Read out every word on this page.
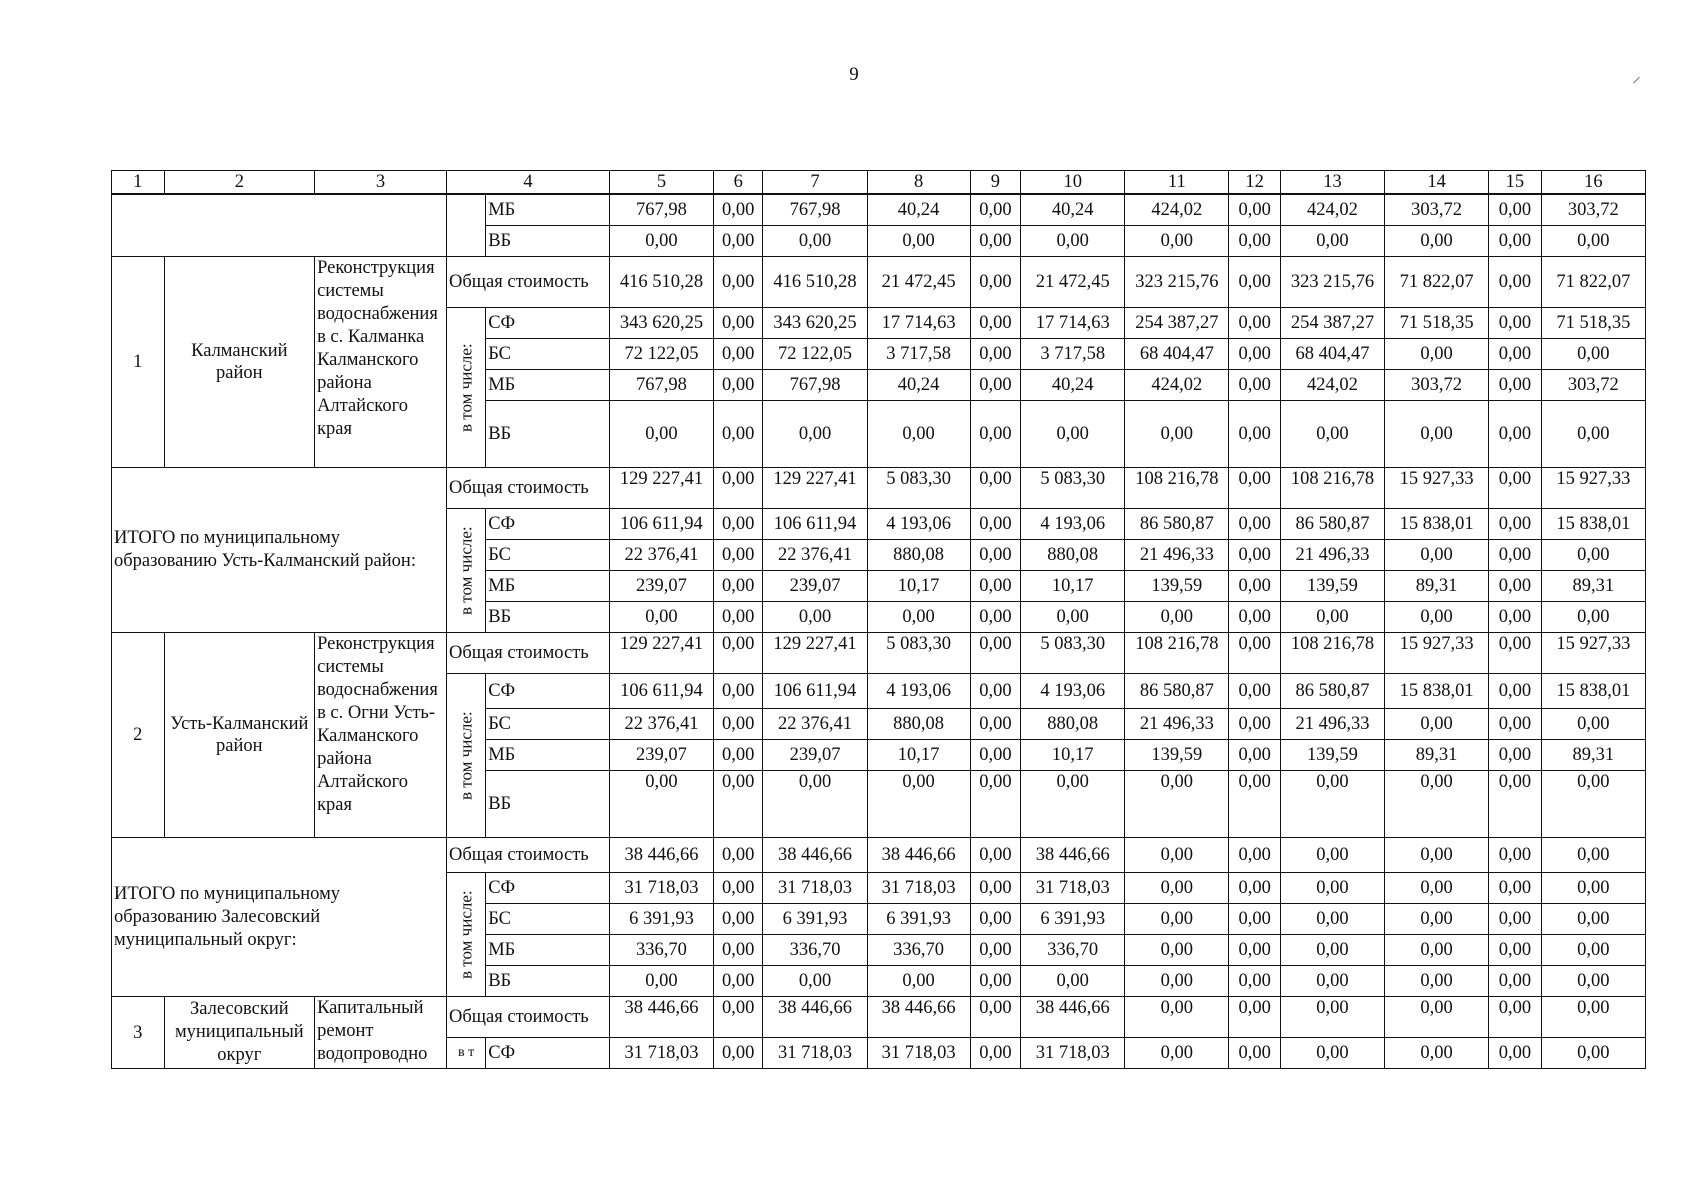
9	⸝
1	2	3	4		5	6	7	8	9	10	11	12	13	14	15	16
				МБ	767,98	0,00	767,98	40,24	0,00	40,24	424,02	0,00	424,02	303,72	0,00	303,72
				ВБ	0,00	0,00	0,00	0,00	0,00	0,00	0,00	0,00	0,00	0,00	0,00	0,00
1	Калманский район	Реконструкция системы водоснабжения в с. Калманка Калманского района Алтайского края	Общая стоимость		416 510,28	0,00	416 510,28	21 472,45	0,00	21 472,45	323 215,76	0,00	323 215,76	71 822,07	0,00	71 822,07
			в том числе:	СФ	343 620,25	0,00	343 620,25	17 714,63	0,00	17 714,63	254 387,27	0,00	254 387,27	71 518,35	0,00	71 518,35
				БС	72 122,05	0,00	72 122,05	3 717,58	0,00	3 717,58	68 404,47	0,00	68 404,47	0,00	0,00	0,00
				МБ	767,98	0,00	767,98	40,24	0,00	40,24	424,02	0,00	424,02	303,72	0,00	303,72
				ВБ	0,00	0,00	0,00	0,00	0,00	0,00	0,00	0,00	0,00	0,00	0,00	0,00
ИТОГО по муниципальному образованию Усть-Калманский район:			Общая стоимость		129 227,41	0,00	129 227,41	5 083,30	0,00	5 083,30	108 216,78	0,00	108 216,78	15 927,33	0,00	15 927,33
			в том числе:	СФ	106 611,94	0,00	106 611,94	4 193,06	0,00	4 193,06	86 580,87	0,00	86 580,87	15 838,01	0,00	15 838,01
				БС	22 376,41	0,00	22 376,41	880,08	0,00	880,08	21 496,33	0,00	21 496,33	0,00	0,00	0,00
				МБ	239,07	0,00	239,07	10,17	0,00	10,17	139,59	0,00	139,59	89,31	0,00	89,31
				ВБ	0,00	0,00	0,00	0,00	0,00	0,00	0,00	0,00	0,00	0,00	0,00	0,00
2	Усть-Калманский район	Реконструкция системы водоснабжения в с. Огни Усть-Калманского района Алтайского края	Общая стоимость		129 227,41	0,00	129 227,41	5 083,30	0,00	5 083,30	108 216,78	0,00	108 216,78	15 927,33	0,00	15 927,33
			в том числе:	СФ	106 611,94	0,00	106 611,94	4 193,06	0,00	4 193,06	86 580,87	0,00	86 580,87	15 838,01	0,00	15 838,01
				БС	22 376,41	0,00	22 376,41	880,08	0,00	880,08	21 496,33	0,00	21 496,33	0,00	0,00	0,00
				МБ	239,07	0,00	239,07	10,17	0,00	10,17	139,59	0,00	139,59	89,31	0,00	89,31
				ВБ	0,00	0,00	0,00	0,00	0,00	0,00	0,00	0,00	0,00	0,00	0,00	0,00
ИТОГО по муниципальному образованию Залесовский муниципальный округ:			Общая стоимость		38 446,66	0,00	38 446,66	38 446,66	0,00	38 446,66	0,00	0,00	0,00	0,00	0,00	0,00
			в том числе:	СФ	31 718,03	0,00	31 718,03	31 718,03	0,00	31 718,03	0,00	0,00	0,00	0,00	0,00	0,00
				БС	6 391,93	0,00	6 391,93	6 391,93	0,00	6 391,93	0,00	0,00	0,00	0,00	0,00	0,00
				МБ	336,70	0,00	336,70	336,70	0,00	336,70	0,00	0,00	0,00	0,00	0,00	0,00
				ВБ	0,00	0,00	0,00	0,00	0,00	0,00	0,00	0,00	0,00	0,00	0,00	0,00
3	Залесовский муниципальный округ	Капитальный ремонт водопроводно	Общая стоимость		38 446,66	0,00	38 446,66	38 446,66	0,00	38 446,66	0,00	0,00	0,00	0,00	0,00	0,00
			в т	СФ	31 718,03	0,00	31 718,03	31 718,03	0,00	31 718,03	0,00	0,00	0,00	0,00	0,00	0,00
